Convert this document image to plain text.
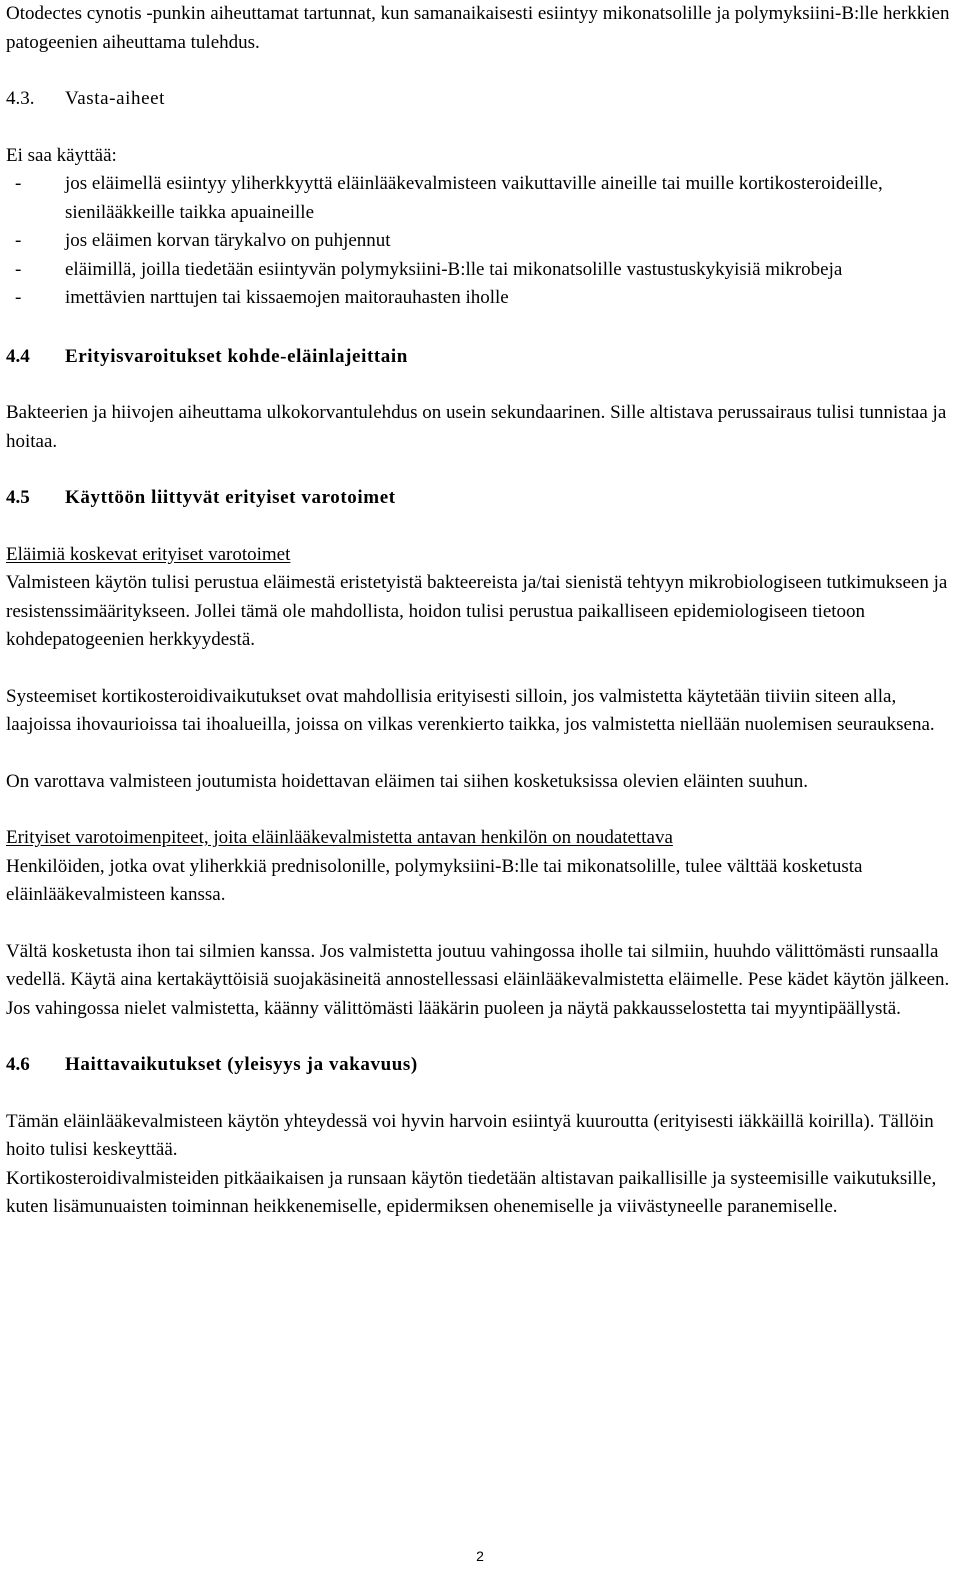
Otodectes cynotis -punkin aiheuttamat tartunnat, kun samanaikaisesti esiintyy mikonatsolille ja polymyksiini-B:lle herkkien patogeenien aiheuttama tulehdus.

4.3. Vasta-aiheet

Ei saa käyttää:

- jos eläimellä esiintyy yliherkkyyttä eläinlääkevalmisteen vaikuttaville aineille tai muille kortikosteroideille, sienilääkkeille taikka apuaineille
- jos eläimen korvan tärykalvo on puhjennut
- eläimillä, joilla tiedetään esiintyvän polymyksiini-B:lle tai mikonatsolille vastustuskykyisiä mikrobeja
- imettävien narttujen tai kissaemojen maitorauhasten iholle

4.4 Erityisvaroitukset kohde-eläinlajeittain

Bakteerien ja hiivojen aiheuttama ulkokorvantulehdus on usein sekundaarinen. Sille altistava perussairaus tulisi tunnistaa ja hoitaa.

4.5 Käyttöön liittyvät erityiset varotoimet

Eläimiä koskevat erityiset varotoimet

Valmisteen käytön tulisi perustua eläimestä eristetyistä bakteereista ja/tai sienistä tehtyyn mikrobiologiseen tutkimukseen ja resistenssimääritykseen. Jollei tämä ole mahdollista, hoidon tulisi perustua paikalliseen epidemiologiseen tietoon kohdepatogeenien herkkyydestä.

Systeemiset kortikosteroidivaikutukset ovat mahdollisia erityisesti silloin, jos valmistetta käytetään tiiviin siteen alla, laajoissa ihovaurioissa tai ihoalueilla, joissa on vilkas verenkierto taikka, jos valmistetta niellään nuolemisen seurauksena.

On varottava valmisteen joutumista hoidettavan eläimen tai siihen kosketuksissa olevien eläinten suuhun.

Erityiset varotoimenpiteet, joita eläinlääkevalmistetta antavan henkilön on noudatettava

Henkilöiden, jotka ovat yliherkkiä prednisolonille, polymyksiini-B:lle tai mikonatsolille, tulee välttää kosketusta eläinlääkevalmisteen kanssa.

Vältä kosketusta ihon tai silmien kanssa. Jos valmistetta joutuu vahingossa iholle tai silmiin, huuhdo välittömästi runsaalla vedellä. Käytä aina kertakäyttöisiä suojakäsineitä annostellessasi eläinlääkevalmistetta eläimelle. Pese kädet käytön jälkeen.

Jos vahingossa nielet valmistetta, käänny välittömästi lääkärin puoleen ja näytä pakkausselostetta tai myyntipäällystä.

4.6 Haittavaikutukset (yleisyys ja vakavuus)

Tämän eläinlääkevalmisteen käytön yhteydessä voi hyvin harvoin esiintyä kuuroutta (erityisesti iäkkäillä koirilla). Tällöin hoito tulisi keskeyttää.

Kortikosteroidivalmisteiden pitkäaikaisen ja runsaan käytön tiedetään altistavan paikallisille ja systeemisille vaikutuksille, kuten lisämunuaisten toiminnan heikkenemiselle, epidermiksen ohenemiselle ja viivästyneelle paranemiselle.

2
